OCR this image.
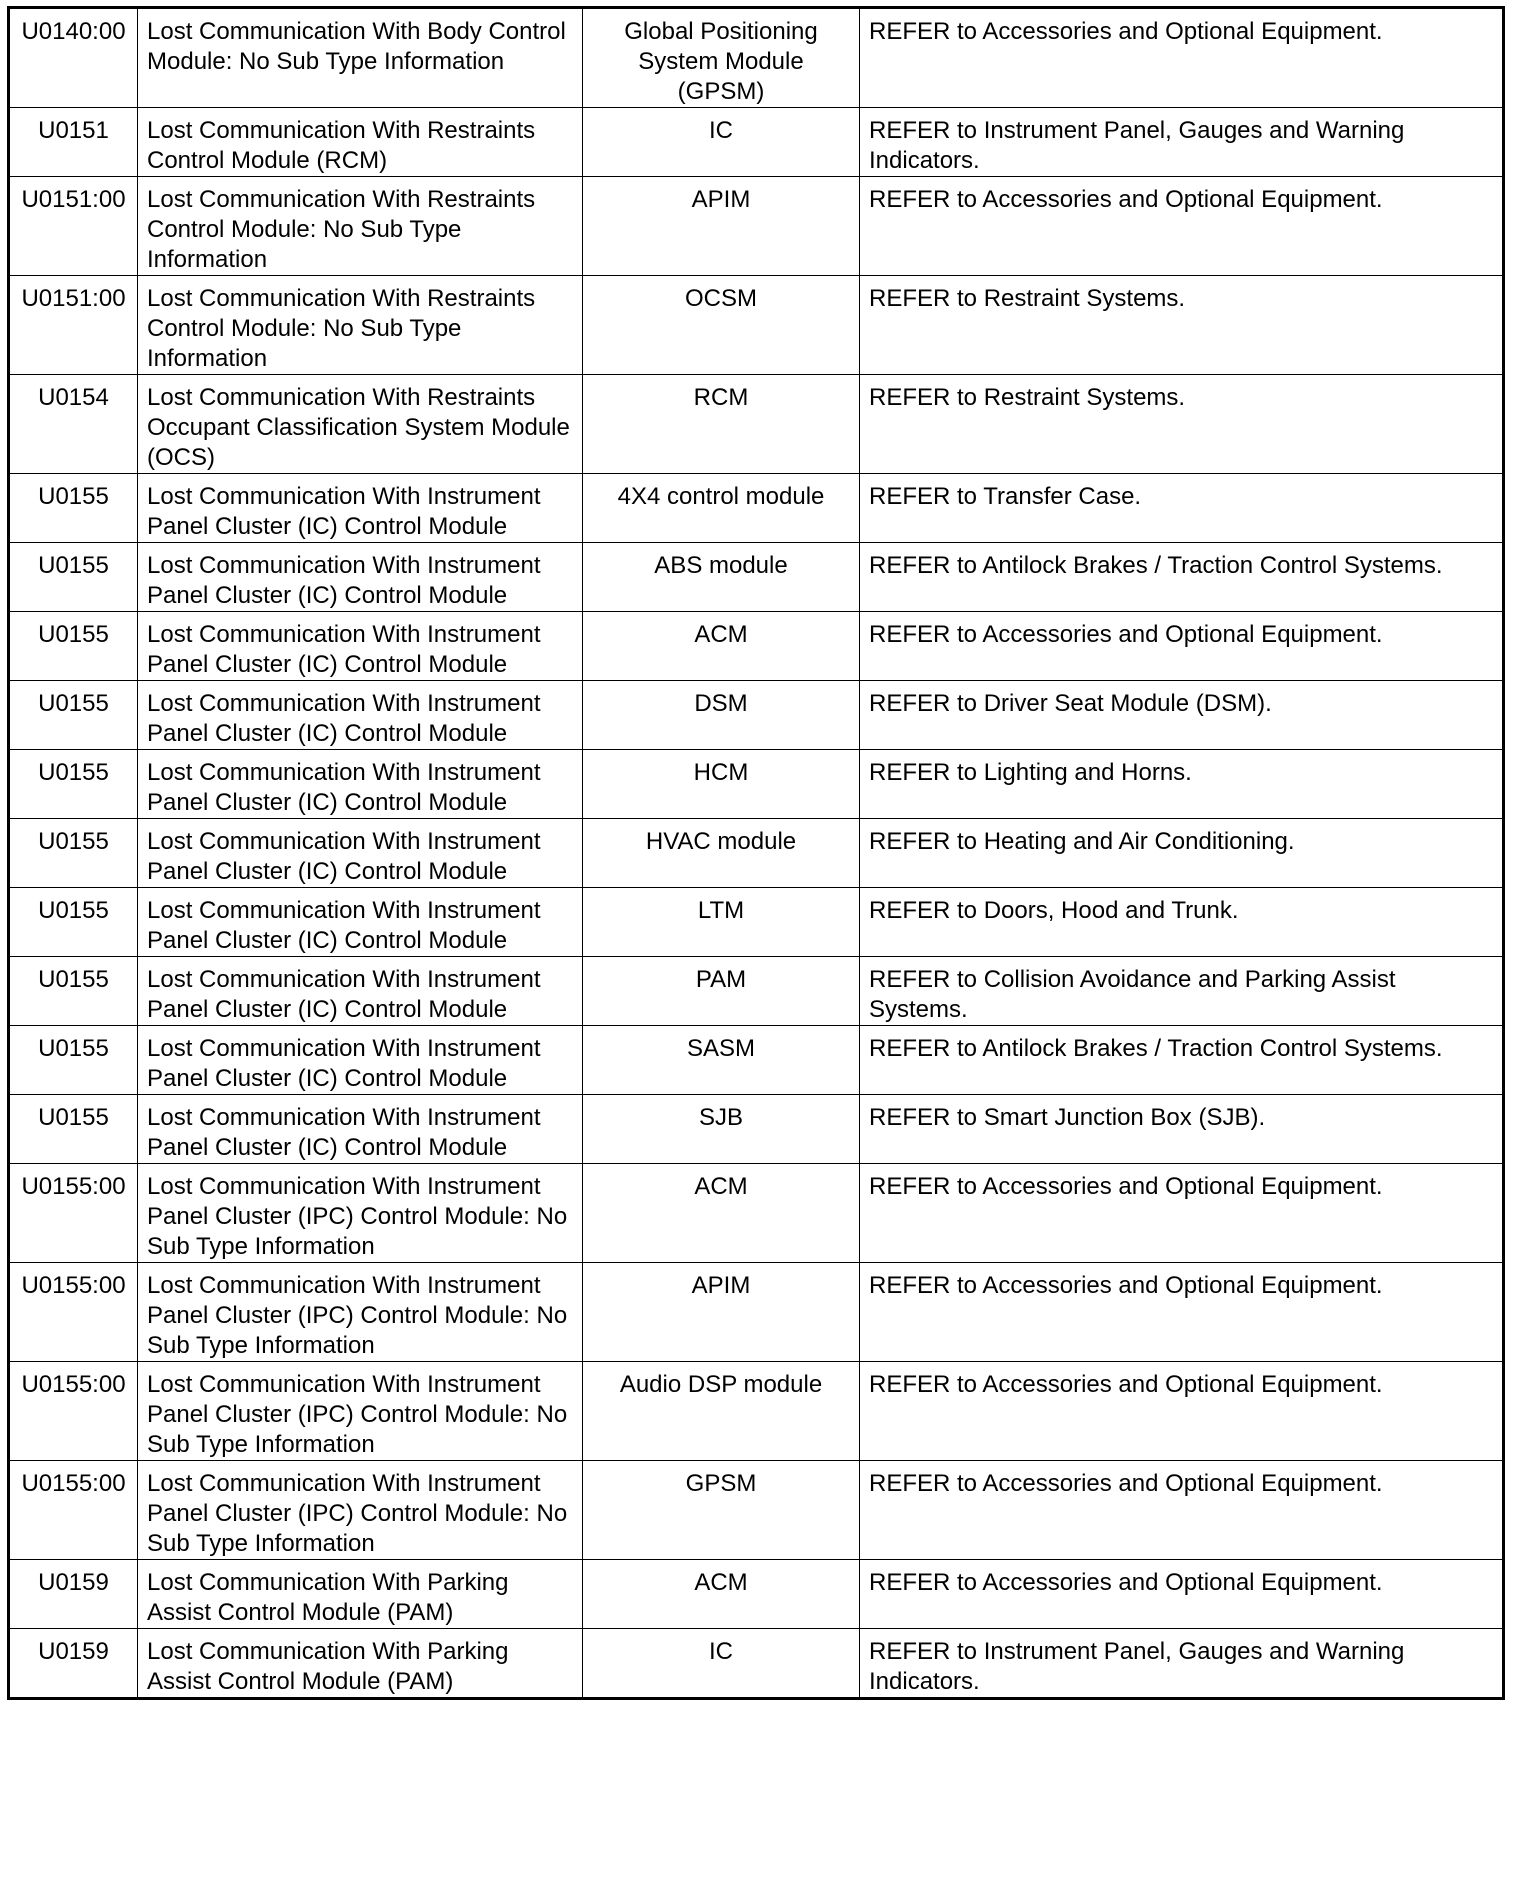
U0140:00	Lost Communication With Body Control Module: No Sub Type Information	Global Positioning System Module (GPSM)	REFER to Accessories and Optional Equipment.
U0151	Lost Communication With Restraints Control Module (RCM)	IC	REFER to Instrument Panel, Gauges and Warning Indicators.
U0151:00	Lost Communication With Restraints Control Module: No Sub Type Information	APIM	REFER to Accessories and Optional Equipment.
U0151:00	Lost Communication With Restraints Control Module: No Sub Type Information	OCSM	REFER to Restraint Systems.
U0154	Lost Communication With Restraints Occupant Classification System Module (OCS)	RCM	REFER to Restraint Systems.
U0155	Lost Communication With Instrument Panel Cluster (IC) Control Module	4X4 control module	REFER to Transfer Case.
U0155	Lost Communication With Instrument Panel Cluster (IC) Control Module	ABS module	REFER to Antilock Brakes / Traction Control Systems.
U0155	Lost Communication With Instrument Panel Cluster (IC) Control Module	ACM	REFER to Accessories and Optional Equipment.
U0155	Lost Communication With Instrument Panel Cluster (IC) Control Module	DSM	REFER to Driver Seat Module (DSM).
U0155	Lost Communication With Instrument Panel Cluster (IC) Control Module	HCM	REFER to Lighting and Horns.
U0155	Lost Communication With Instrument Panel Cluster (IC) Control Module	HVAC module	REFER to Heating and Air Conditioning.
U0155	Lost Communication With Instrument Panel Cluster (IC) Control Module	LTM	REFER to Doors, Hood and Trunk.
U0155	Lost Communication With Instrument Panel Cluster (IC) Control Module	PAM	REFER to Collision Avoidance and Parking Assist Systems.
U0155	Lost Communication With Instrument Panel Cluster (IC) Control Module	SASM	REFER to Antilock Brakes / Traction Control Systems.
U0155	Lost Communication With Instrument Panel Cluster (IC) Control Module	SJB	REFER to Smart Junction Box (SJB).
U0155:00	Lost Communication With Instrument Panel Cluster (IPC) Control Module: No Sub Type Information	ACM	REFER to Accessories and Optional Equipment.
U0155:00	Lost Communication With Instrument Panel Cluster (IPC) Control Module: No Sub Type Information	APIM	REFER to Accessories and Optional Equipment.
U0155:00	Lost Communication With Instrument Panel Cluster (IPC) Control Module: No Sub Type Information	Audio DSP module	REFER to Accessories and Optional Equipment.
U0155:00	Lost Communication With Instrument Panel Cluster (IPC) Control Module: No Sub Type Information	GPSM	REFER to Accessories and Optional Equipment.
U0159	Lost Communication With Parking Assist Control Module (PAM)	ACM	REFER to Accessories and Optional Equipment.
U0159	Lost Communication With Parking Assist Control Module (PAM)	IC	REFER to Instrument Panel, Gauges and Warning Indicators.
